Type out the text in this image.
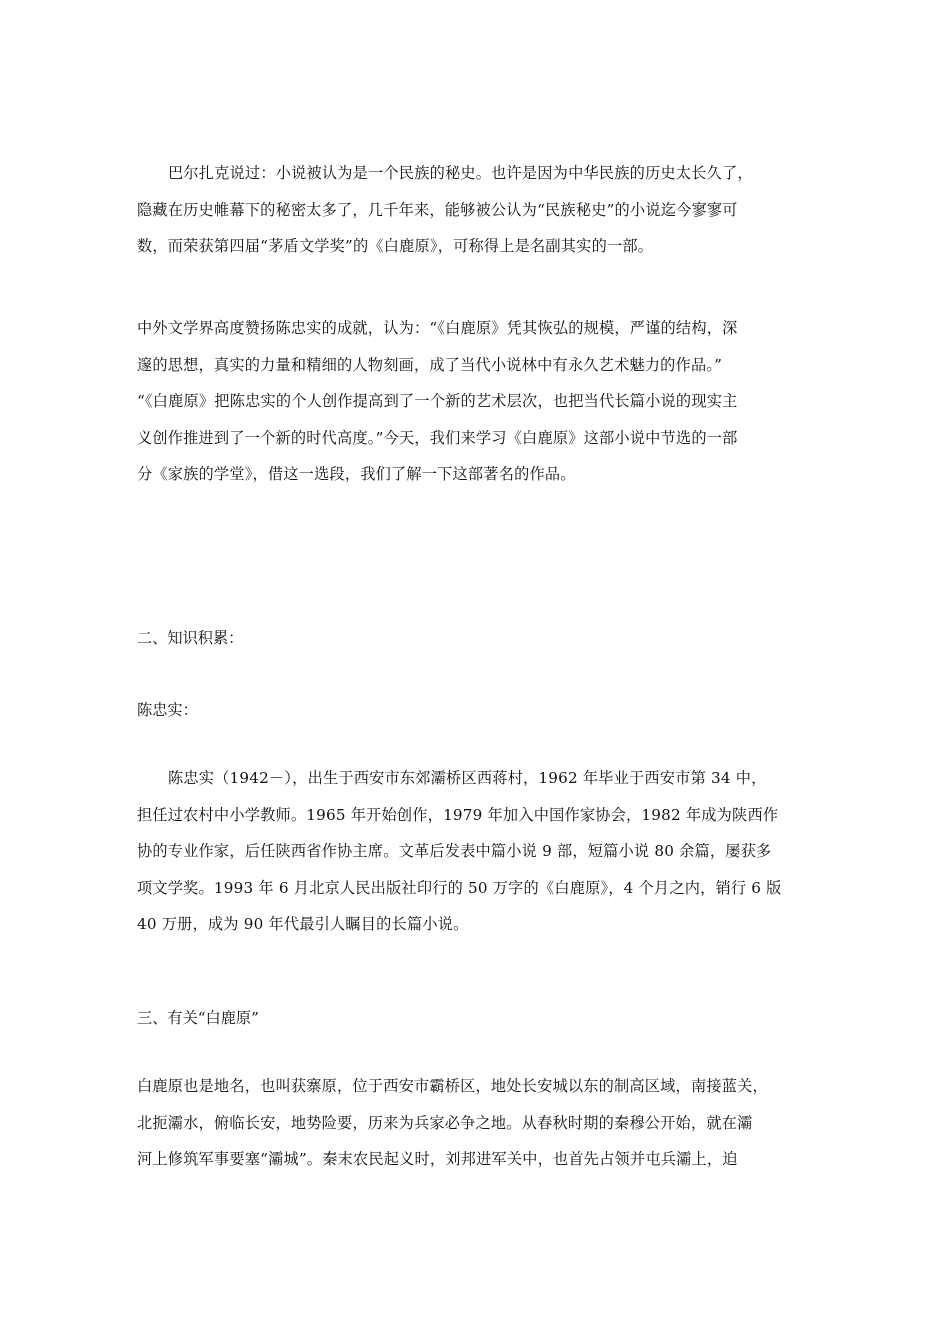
巴尔扎克说过：小说被认为是一个民族的秘史。也许是因为中华民族的历史太长久了，
隐藏在历史帷幕下的秘密太多了，几千年来，能够被公认为“民族秘史”的小说迄今寥寥可
数，而荣获第四届“茅盾文学奖”的《白鹿原》，可称得上是名副其实的一部。

中外文学界高度赞扬陈忠实的成就，认为：“《白鹿原》凭其恢弘的规模，严谨的结构，深
邃的思想，真实的力量和精细的人物刻画，成了当代小说林中有永久艺术魅力的作品。”
“《白鹿原》把陈忠实的个人创作提高到了一个新的艺术层次，也把当代长篇小说的现实主
义创作推进到了一个新的时代高度。”今天，我们来学习《白鹿原》这部小说中节选的一部
分《家族的学堂》，借这一选段，我们了解一下这部著名的作品。

二、知识积累：
陈忠实：

陈忠实（1942－），出生于西安市东郊灞桥区西蒋村，1962 年毕业于西安市第 34 中，
担任过农村中小学教师。1965 年开始创作，1979 年加入中国作家协会，1982 年成为陕西作
协的专业作家，后任陕西省作协主席。文革后发表中篇小说 9 部，短篇小说 80 余篇，屡获多
项文学奖。1993 年 6 月北京人民出版社印行的 50 万字的《白鹿原》，4 个月之内，销行 6 版
40 万册，成为 90 年代最引人瞩目的长篇小说。

三、有关“白鹿原”

白鹿原也是地名，也叫获寨原，位于西安市霸桥区，地处长安城以东的制高区域，南接蓝关，
北扼灞水，俯临长安，地势险要，历来为兵家必争之地。从春秋时期的秦穆公开始，就在灞
河上修筑军事要塞“灞城”。秦末农民起义时，刘邦进军关中，也首先占领并屯兵灞上，迫
